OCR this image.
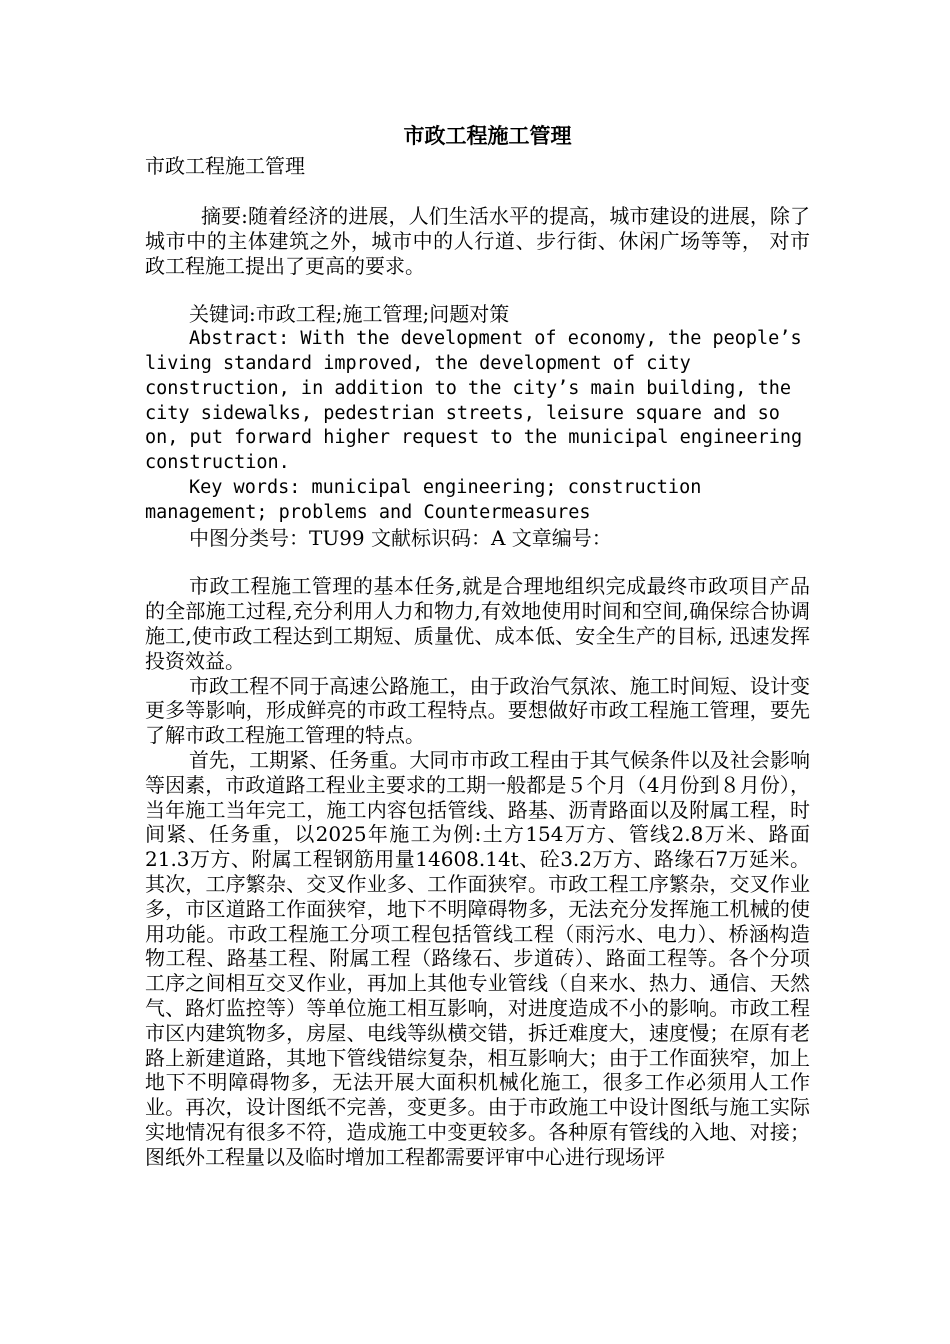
市政工程施工管理
市政工程施工管理

摘要:随着经济的进展，人们生活水平的提高，城市建设的进展，除了城市中的主体建筑之外，城市中的人行道、步行街、休闲广场等等， 对市政工程施工提出了更高的要求。

关键词:市政工程;施工管理;问题对策

Abstract: With the development of economy, the people’s living standard improved, the development of city construction, in addition to the city’s main building, the city sidewalks, pedestrian streets, leisure square and so on, put forward higher request to the municipal engineering construction.

Key words: municipal engineering; construction management; problems and Countermeasures

中图分类号：TU99 文献标识码：A 文章编号：

市政工程施工管理的基本任务,就是合理地组织完成最终市政项目产品的全部施工过程,充分利用人力和物力,有效地使用时间和空间,确保综合协调施工,使市政工程达到工期短、质量优、成本低、安全生产的目标, 迅速发挥投资效益。

市政工程不同于高速公路施工，由于政治气氛浓、施工时间短、设计变更多等影响，形成鲜亮的市政工程特点。要想做好市政工程施工管理，要先了解市政工程施工管理的特点。

首先，工期紧、任务重。大同市市政工程由于其气候条件以及社会影响等因素，市政道路工程业主要求的工期一般都是５个月（4月份到８月份），当年施工当年完工，施工内容包括管线、路基、沥青路面以及附属工程，时间紧、任务重，以2025年施工为例:土方154万方、管线2.8万米、路面21.3万方、附属工程钢筋用量14608.14t、砼3.2万方、路缘石7万延米。其次，工序繁杂、交叉作业多、工作面狭窄。市政工程工序繁杂，交叉作业多，市区道路工作面狭窄，地下不明障碍物多，无法充分发挥施工机械的使用功能。市政工程施工分项工程包括管线工程（雨污水、电力）、桥涵构造物工程、路基工程、附属工程（路缘石、步道砖）、路面工程等。各个分项工序之间相互交叉作业，再加上其他专业管线（自来水、热力、通信、天然气、路灯监控等）等单位施工相互影响，对进度造成不小的影响。市政工程市区内建筑物多，房屋、电线等纵横交错，拆迁难度大，速度慢；在原有老路上新建道路，其地下管线错综复杂，相互影响大；由于工作面狭窄，加上地下不明障碍物多，无法开展大面积机械化施工，很多工作必须用人工作业。再次，设计图纸不完善，变更多。由于市政施工中设计图纸与施工实际实地情况有很多不符，造成施工中变更较多。各种原有管线的入地、对接；图纸外工程量以及临时增加工程都需要评审中心进行现场评
